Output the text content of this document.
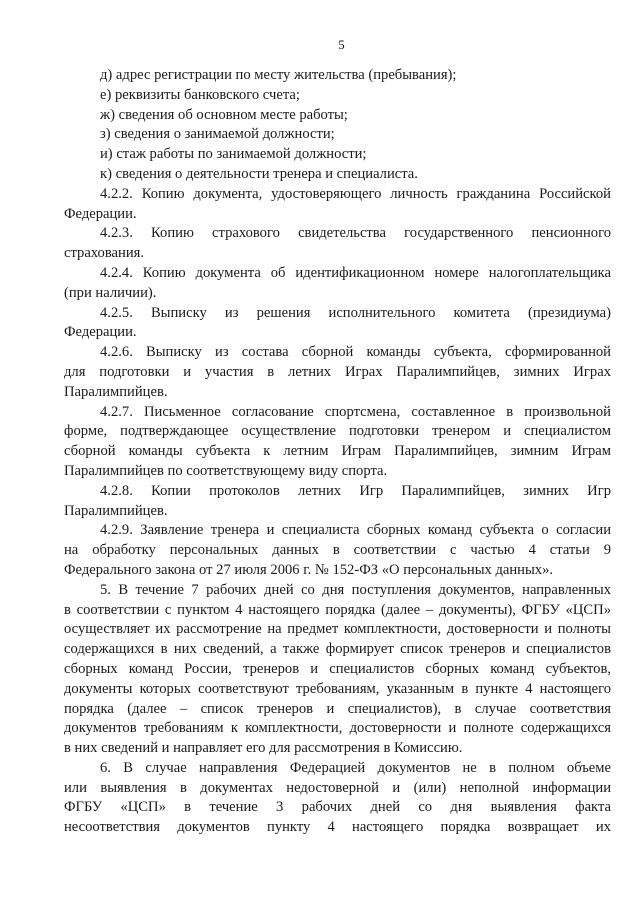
5
д) адрес регистрации по месту жительства (пребывания);
е) реквизиты банковского счета;
ж) сведения об основном месте работы;
з) сведения о занимаемой должности;
и) стаж работы по занимаемой должности;
к) сведения о деятельности тренера и специалиста.
4.2.2. Копию документа, удостоверяющего личность гражданина Российской
Федерации.
4.2.3. Копию страхового свидетельства государственного пенсионного
страхования.
4.2.4. Копию документа об идентификационном номере налогоплательщика
(при наличии).
4.2.5. Выписку из решения исполнительного комитета (президиума)
Федерации.
4.2.6. Выписку из состава сборной команды субъекта, сформированной
для подготовки и участия в летних Играх Паралимпийцев, зимних Играх
Паралимпийцев.
4.2.7. Письменное согласование спортсмена, составленное в произвольной
форме, подтверждающее осуществление подготовки тренером и специалистом
сборной команды субъекта к летним Играм Паралимпийцев, зимним Играм
Паралимпийцев по соответствующему виду спорта.
4.2.8. Копии протоколов летних Игр Паралимпийцев, зимних Игр
Паралимпийцев.
4.2.9. Заявление тренера и специалиста сборных команд субъекта о согласии
на обработку персональных данных в соответствии с частью 4 статьи 9
Федерального закона от 27 июля 2006 г. № 152-ФЗ «О персональных данных».
5. В течение 7 рабочих дней со дня поступления документов, направленных
в соответствии с пунктом 4 настоящего порядка (далее – документы), ФГБУ «ЦСП»
осуществляет их рассмотрение на предмет комплектности, достоверности и полноты
содержащихся в них сведений, а также формирует список тренеров и специалистов
сборных команд России, тренеров и специалистов сборных команд субъектов,
документы которых соответствуют требованиям, указанным в пункте 4 настоящего
порядка (далее – список тренеров и специалистов), в случае соответствия
документов требованиям к комплектности, достоверности и полноте содержащихся
в них сведений и направляет его для рассмотрения в Комиссию.
6. В случае направления Федерацией документов не в полном объеме
или выявления в документах недостоверной и (или) неполной информации
ФГБУ «ЦСП» в течение 3 рабочих дней со дня выявления факта
несоответствия документов пункту 4 настоящего порядка возвращает их
